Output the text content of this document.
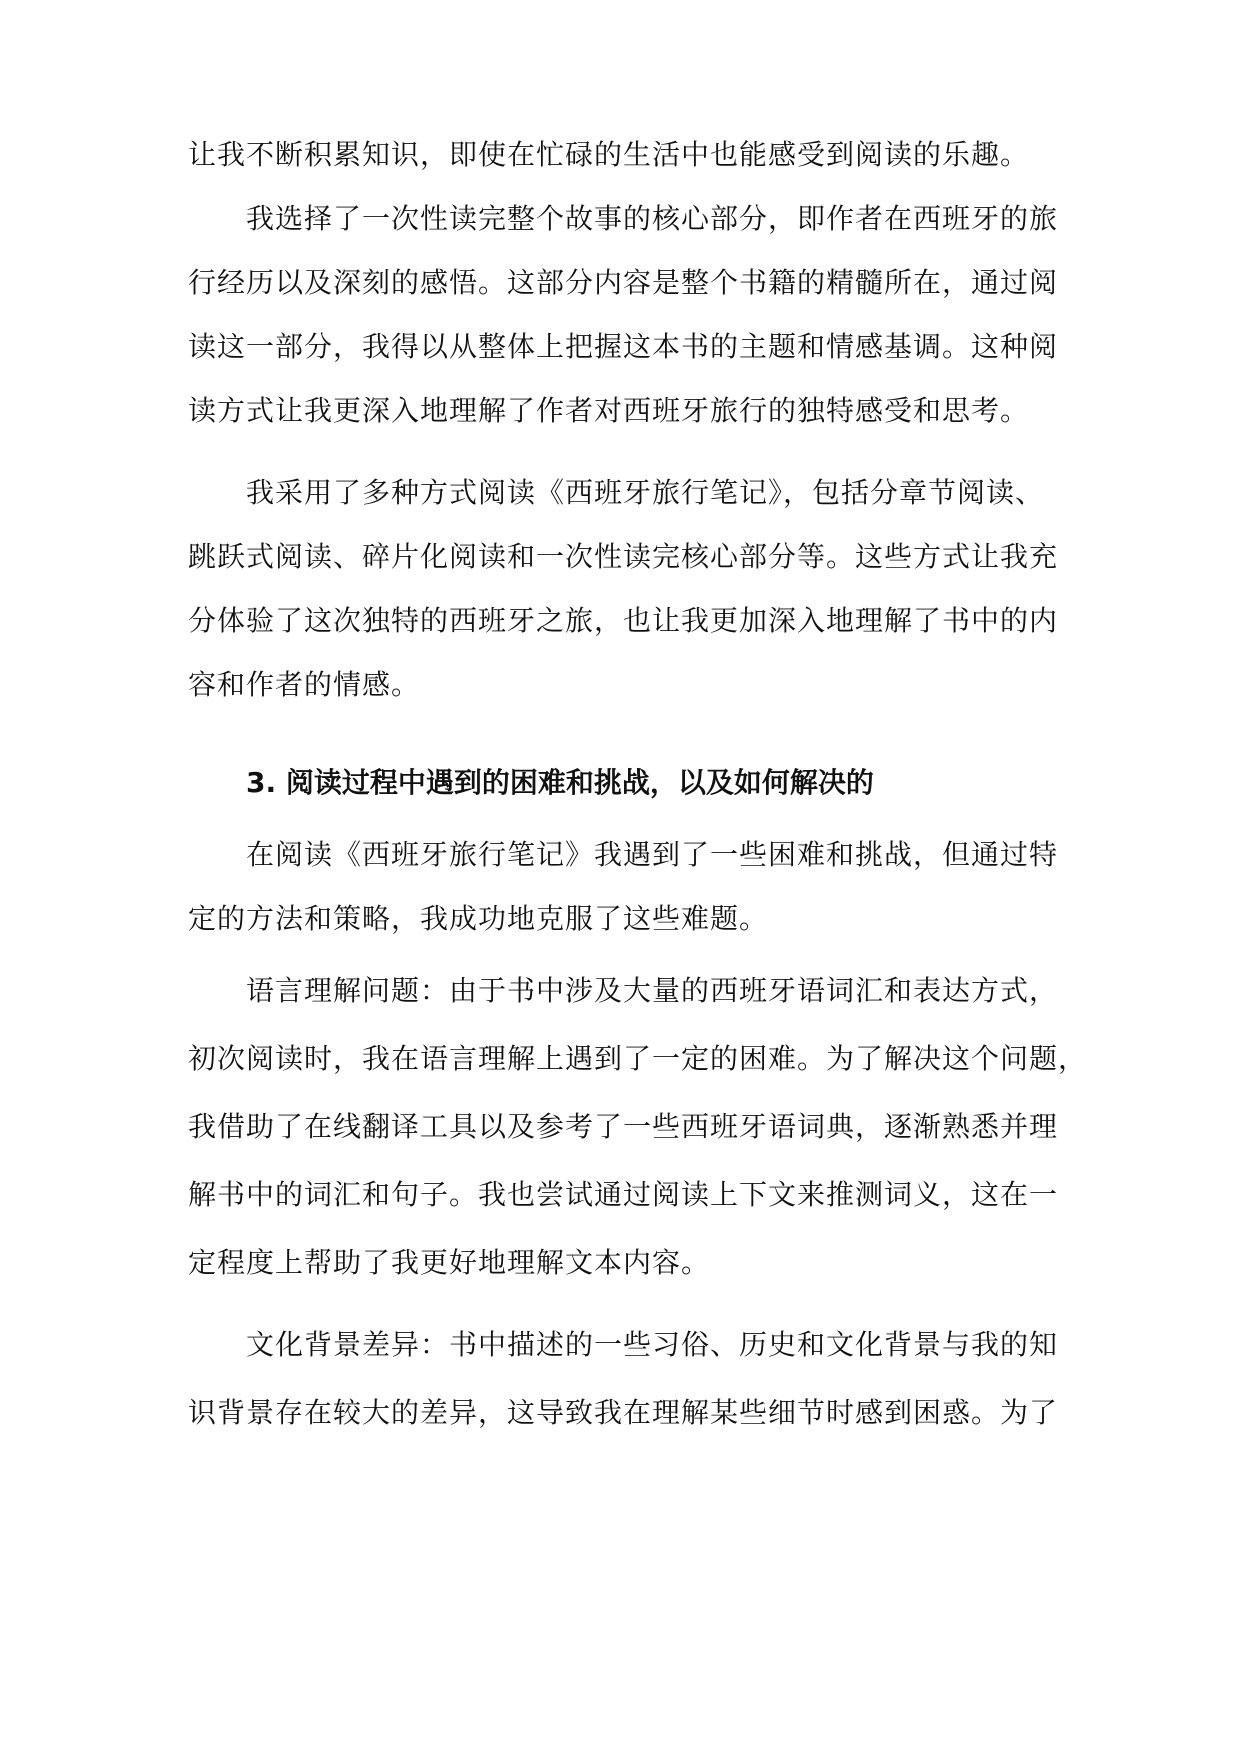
让我不断积累知识，即使在忙碌的生活中也能感受到阅读的乐趣。
我选择了一次性读完整个故事的核心部分，即作者在西班牙的旅
行经历以及深刻的感悟。这部分内容是整个书籍的精髓所在，通过阅
读这一部分，我得以从整体上把握这本书的主题和情感基调。这种阅
读方式让我更深入地理解了作者对西班牙旅行的独特感受和思考。
我采用了多种方式阅读《西班牙旅行笔记》，包括分章节阅读、
跳跃式阅读、碎片化阅读和一次性读完核心部分等。这些方式让我充
分体验了这次独特的西班牙之旅，也让我更加深入地理解了书中的内
容和作者的情感。
3. 阅读过程中遇到的困难和挑战，以及如何解决的
在阅读《西班牙旅行笔记》我遇到了一些困难和挑战，但通过特
定的方法和策略，我成功地克服了这些难题。
语言理解问题：由于书中涉及大量的西班牙语词汇和表达方式，
初次阅读时，我在语言理解上遇到了一定的困难。为了解决这个问题，
我借助了在线翻译工具以及参考了一些西班牙语词典，逐渐熟悉并理
解书中的词汇和句子。我也尝试通过阅读上下文来推测词义，这在一
定程度上帮助了我更好地理解文本内容。
文化背景差异：书中描述的一些习俗、历史和文化背景与我的知
识背景存在较大的差异，这导致我在理解某些细节时感到困惑。为了
